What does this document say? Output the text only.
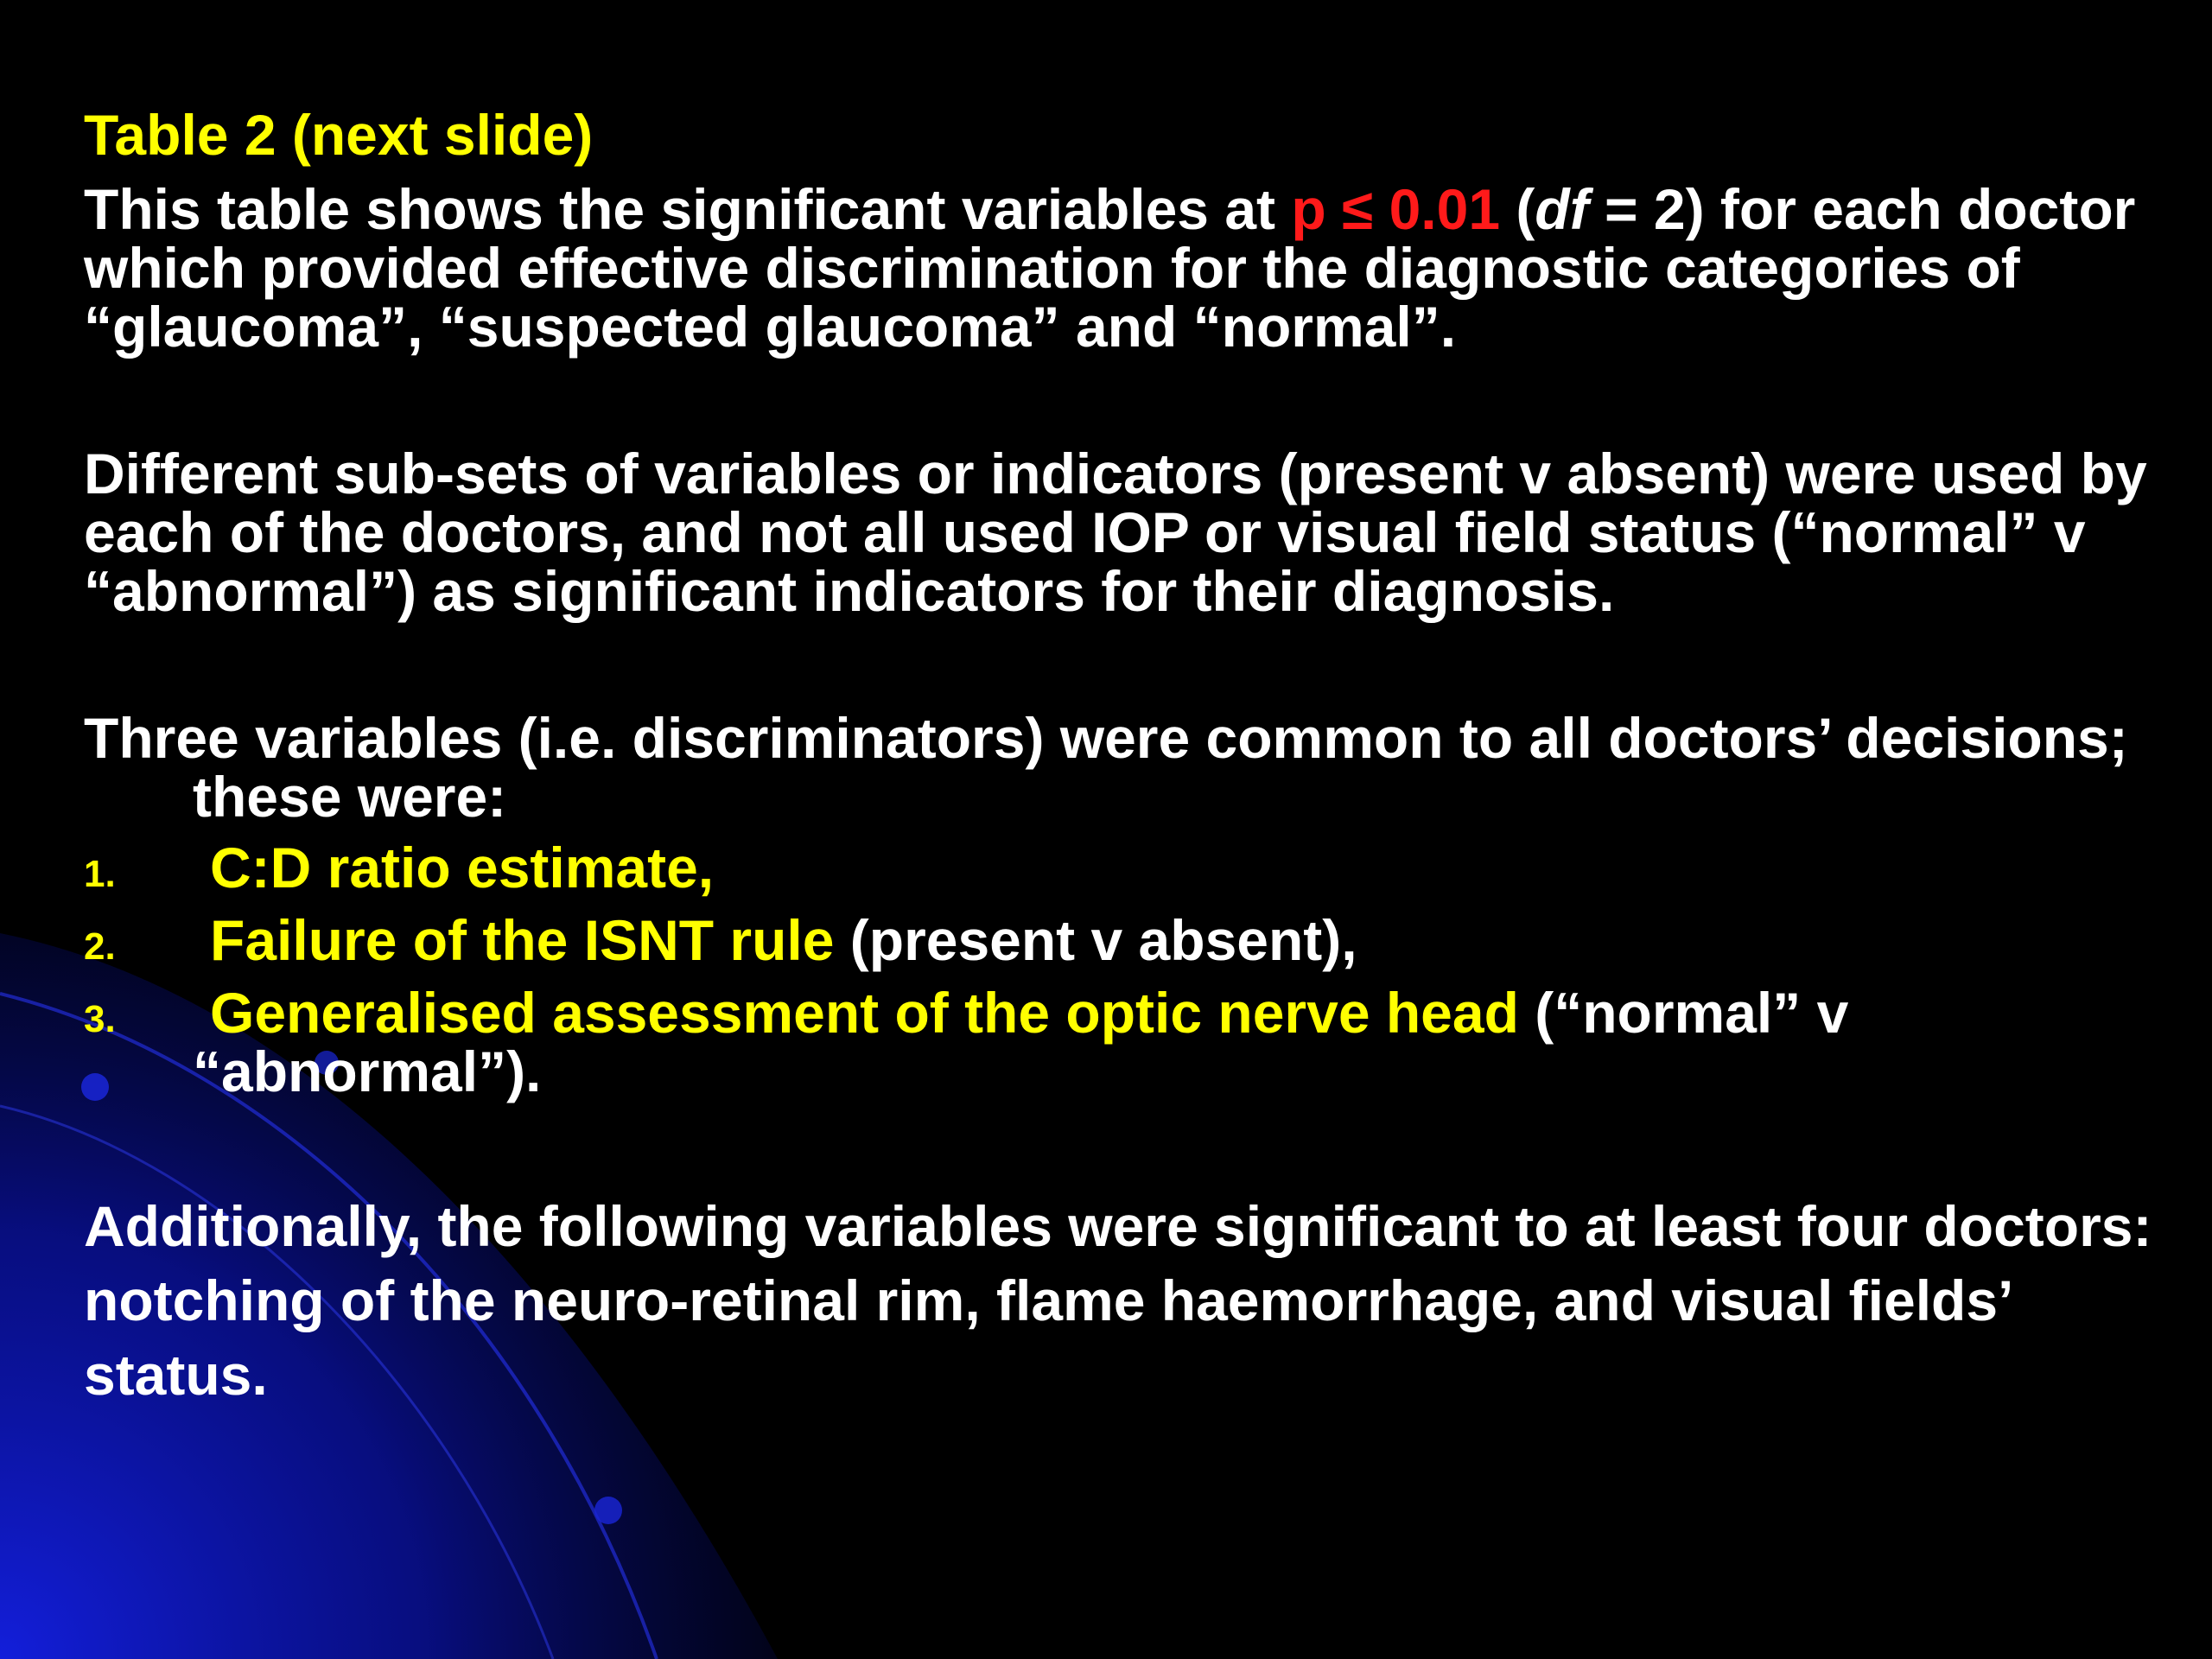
Table 2 (next slide)

This table shows the significant variables at p ≤ 0.01 (df = 2) for each doctor which provided effective discrimination for the diagnostic categories of “glaucoma”, “suspected glaucoma” and “normal”.

Different sub-sets of variables or indicators (present v absent) were used by each of the doctors, and not all used IOP or visual field status (“normal” v “abnormal”) as significant indicators for their diagnosis.

Three variables (i.e. discriminators) were common to all doctors’ decisions; these were:

1. C:D ratio estimate,
2. Failure of the ISNT rule (present v absent),
3. Generalised assessment of the optic nerve head (“normal” v “abnormal”).

Additionally, the following variables were significant to at least four doctors: notching of the neuro-retinal rim, flame haemorrhage, and visual fields’ status.
